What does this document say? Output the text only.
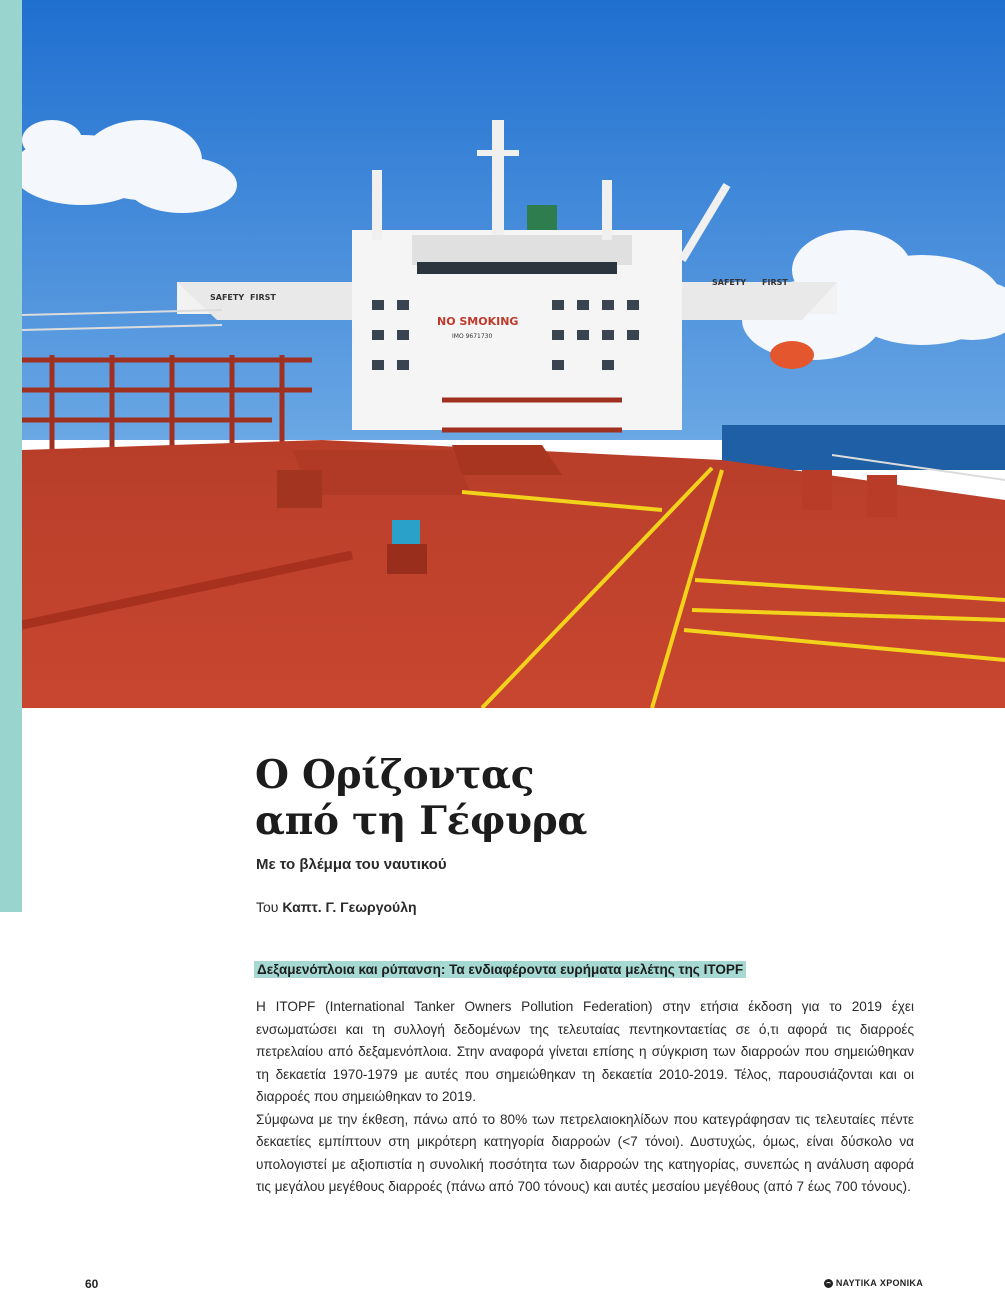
SAFETY FIRST
SAFETY FIRST
NO SMOKING
IMO 9671730
Ο Ορίζοντας
από τη Γέφυρα
Με το βλέμμα του ναυτικού
Του Καπτ. Γ. Γεωργούλη
Δεξαμενόπλοια και ρύπανση: Τα ενδιαφέροντα ευρήματα μελέτης της ITOPF

Η ITOPF (International Tanker Owners Pollution Federation) στην ετήσια έκδοση για το 2019 έχει ενσωματώσει και τη συλλογή δεδομένων της τελευταίας πεντηκονταετίας σε ό,τι αφορά τις διαρροές πετρελαίου από δεξαμενόπλοια. Στην αναφορά γίνεται επίσης η σύγκριση των διαρροών που σημειώθηκαν τη δεκαετία 1970-1979 με αυτές που σημειώθηκαν τη δεκαετία 2010-2019. Τέλος, παρουσιάζονται και οι διαρροές που σημειώθηκαν το 2019.

Σύμφωνα με την έκθεση, πάνω από το 80% των πετρελαιοκηλίδων που κατεγράφησαν τις τελευταίες πέντε δεκαετίες εμπίπτουν στη μικρότερη κατηγορία διαρροών (<7 τόνοι). Δυστυχώς, όμως, είναι δύσκολο να υπολογιστεί με αξιοπιστία η συνολική ποσότητα των διαρροών της κατηγορίας, συνεπώς η ανάλυση αφορά τις μεγάλου μεγέθους διαρροές (πάνω από 700 τόνους) και αυτές μεσαίου μεγέθους (από 7 έως 700 τόνους).

60	ΝΑΥΤΙΚΑ ΧΡΟΝΙΚΑ
